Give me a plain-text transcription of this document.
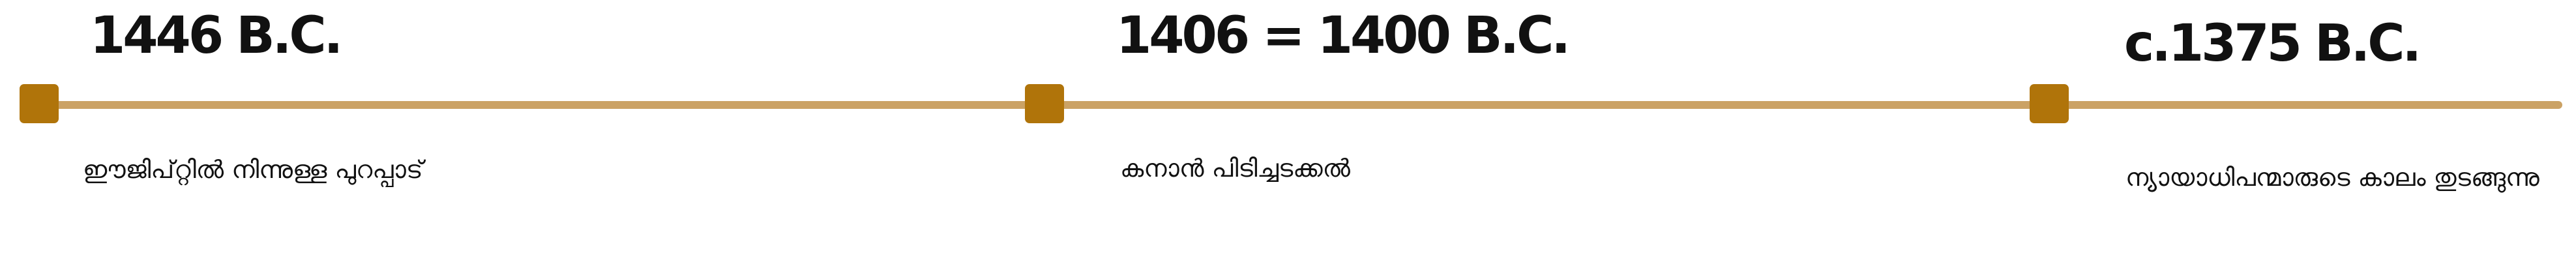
1446 B.C.	1406 = 1400 B.C.	c.1375 B.C.
ഈജിപ്റ്റിൽ നിന്നുള്ള പുറപ്പാട്	കനാൻ പിടിച്ചടക്കൽ	ന്യായാധിപന്മാരുടെ കാലം തുടങ്ങുന്നു
